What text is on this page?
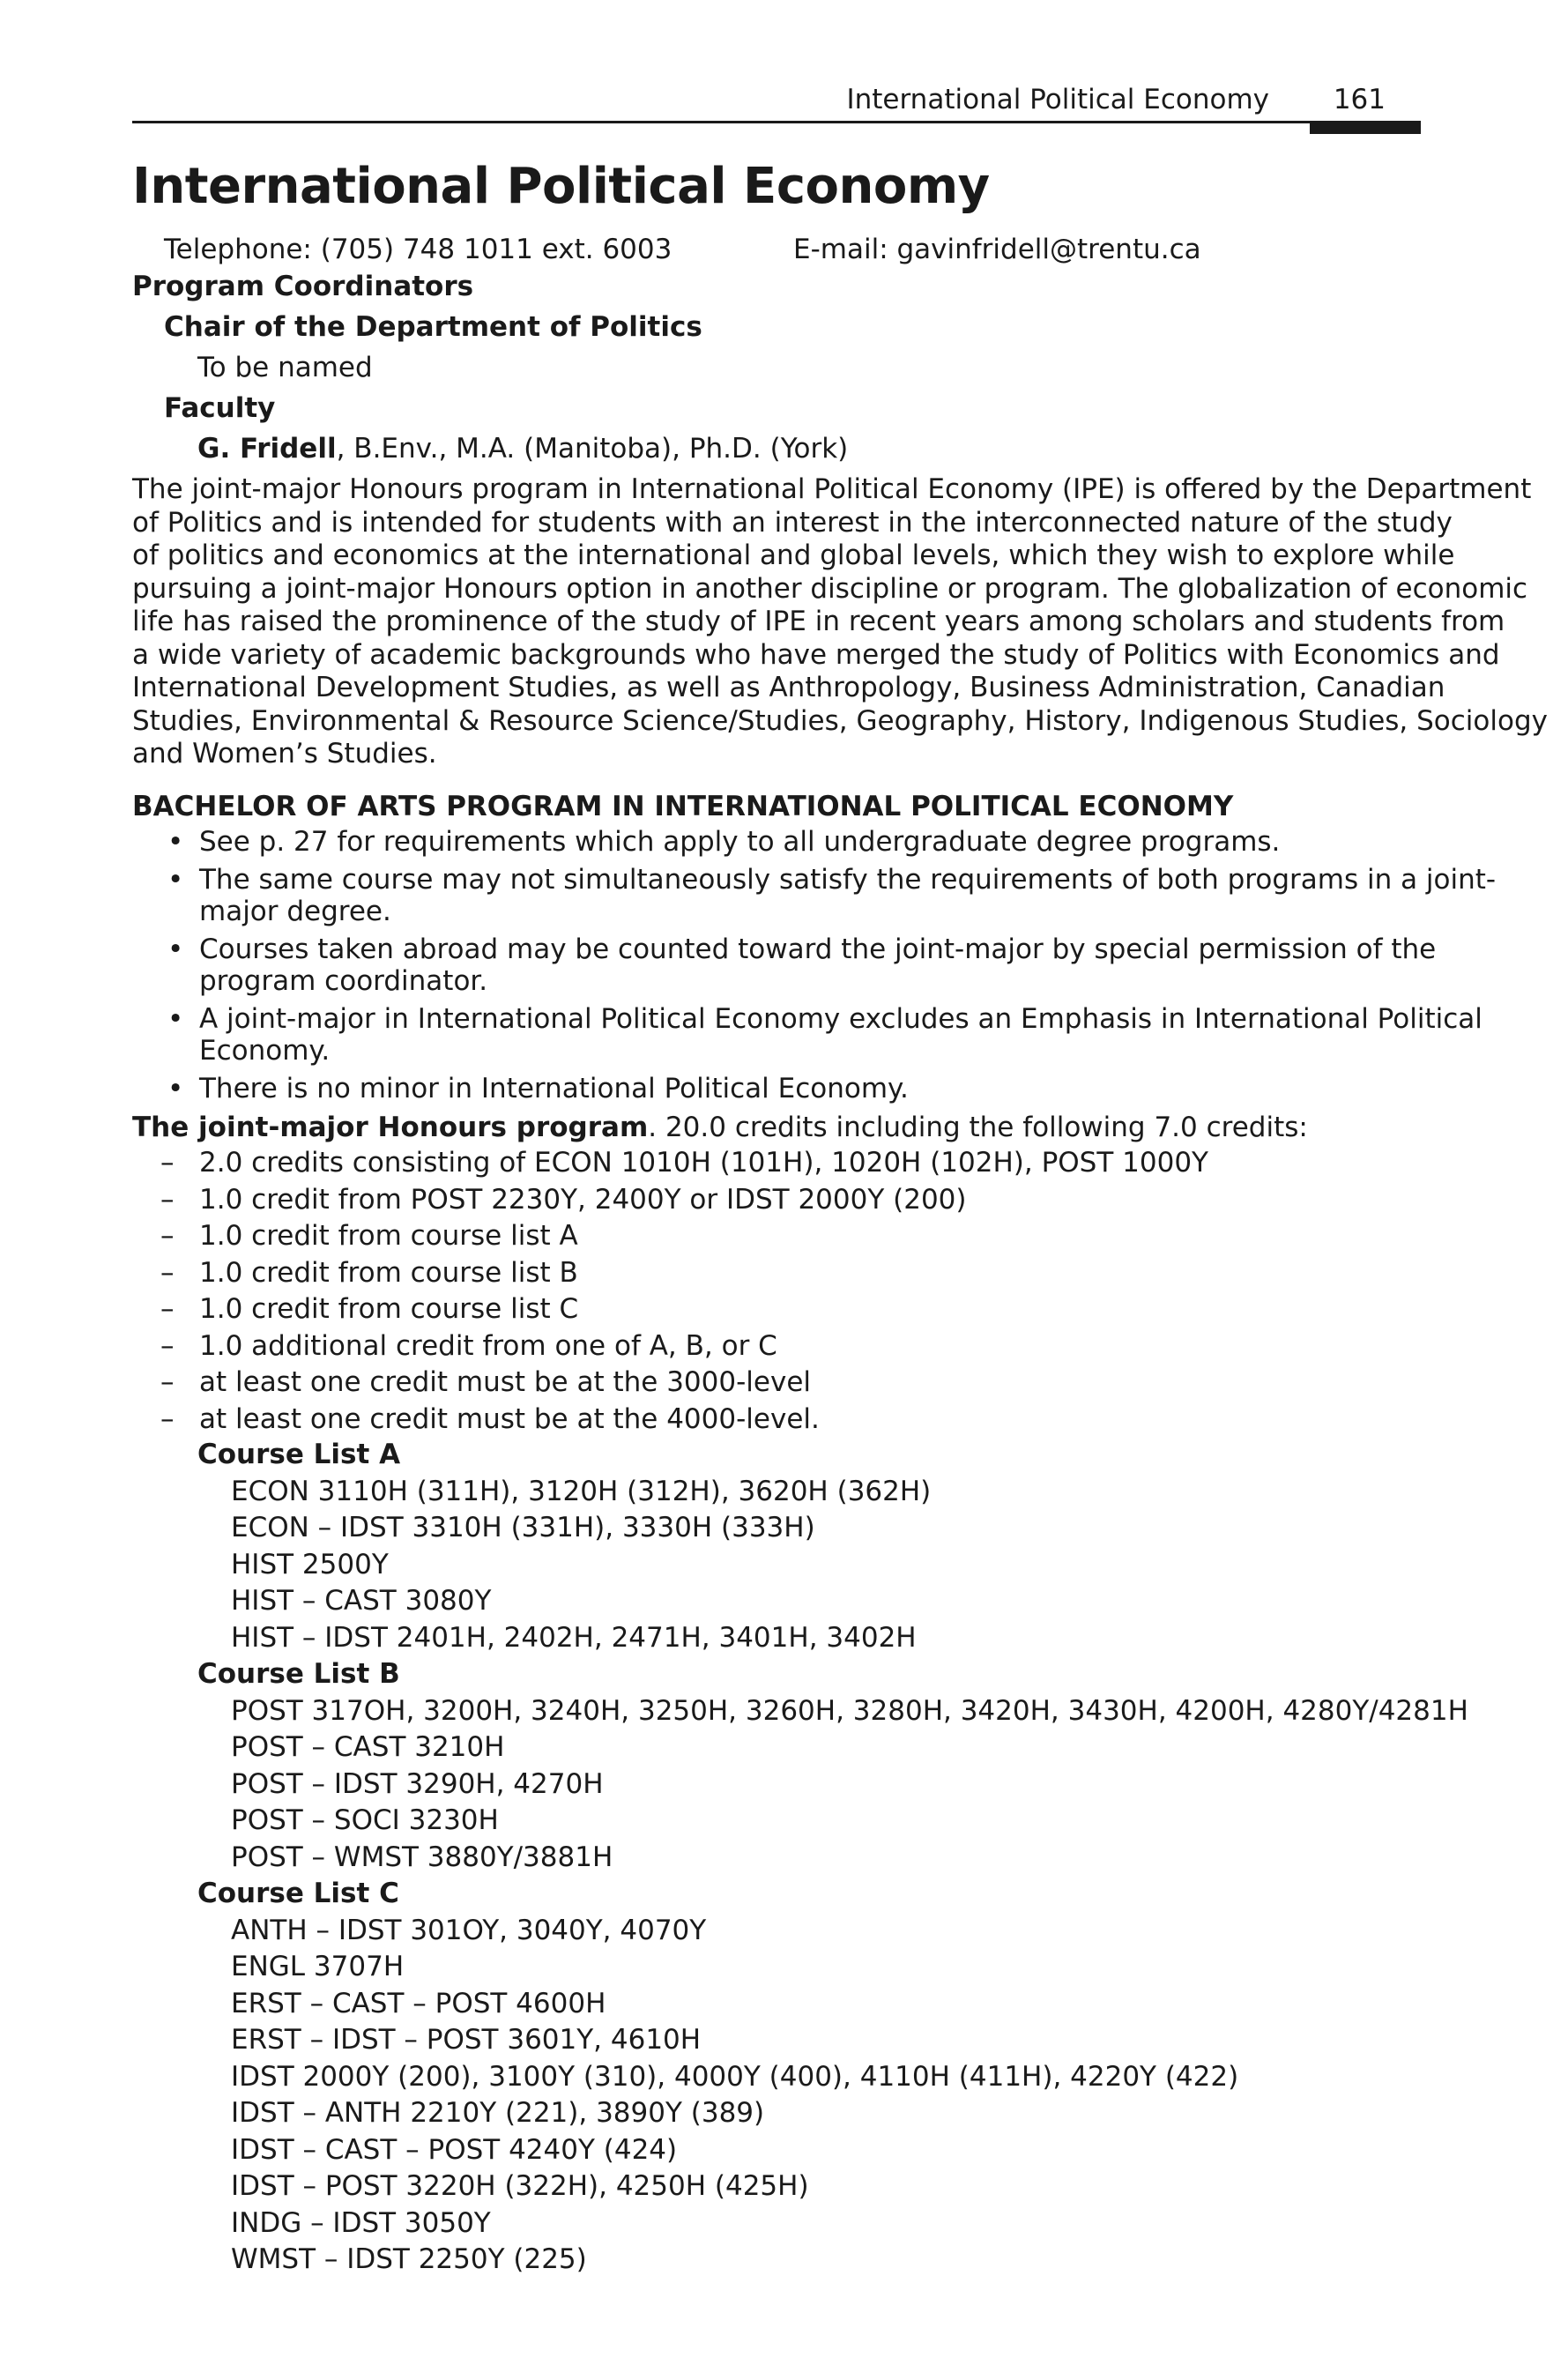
International Political Economy 161
International Political Economy
Telephone: (705) 748 1011 ext. 6003	E-mail: gavinfridell@trentu.ca
Program Coordinators
Chair of the Department of Politics
To be named
Faculty
G. Fridell, B.Env., M.A. (Manitoba), Ph.D. (York)
The joint-major Honours program in International Political Economy (IPE) is offered by the Department
of Politics and is intended for students with an interest in the interconnected nature of the study
of politics and economics at the international and global levels, which they wish to explore while
pursuing a joint-major Honours option in another discipline or program. The globalization of economic
life has raised the prominence of the study of IPE in recent years among scholars and students from
a wide variety of academic backgrounds who have merged the study of Politics with Economics and
International Development Studies, as well as Anthropology, Business Administration, Canadian
Studies, Environmental & Resource Science/Studies, Geography, History, Indigenous Studies, Sociology
and Women’s Studies.
BACHELOR OF ARTS PROGRAM IN INTERNATIONAL POLITICAL ECONOMY
• See p. 27 for requirements which apply to all undergraduate degree programs.
• The same course may not simultaneously satisfy the requirements of both programs in a joint-
major degree.
• Courses taken abroad may be counted toward the joint-major by special permission of the
program coordinator.
• A joint-major in International Political Economy excludes an Emphasis in International Political
Economy.
• There is no minor in International Political Economy.
The joint-major Honours program. 20.0 credits including the following 7.0 credits:
– 2.0 credits consisting of ECON 1010H (101H), 1020H (102H), POST 1000Y
– 1.0 credit from POST 2230Y, 2400Y or IDST 2000Y (200)
– 1.0 credit from course list A
– 1.0 credit from course list B
– 1.0 credit from course list C
– 1.0 additional credit from one of A, B, or C
– at least one credit must be at the 3000-level
– at least one credit must be at the 4000-level.
Course List A
ECON 3110H (311H), 3120H (312H), 3620H (362H)
ECON – IDST 3310H (331H), 3330H (333H)
HIST 2500Y
HIST – CAST 3080Y
HIST – IDST 2401H, 2402H, 2471H, 3401H, 3402H
Course List B
POST 317OH, 3200H, 3240H, 3250H, 3260H, 3280H, 3420H, 3430H, 4200H, 4280Y/4281H
POST – CAST 3210H
POST – IDST 3290H, 4270H
POST – SOCI 3230H
POST – WMST 3880Y/3881H
Course List C
ANTH – IDST 301OY, 3040Y, 4070Y
ENGL 3707H
ERST – CAST – POST 4600H
ERST – IDST – POST 3601Y, 4610H
IDST 2000Y (200), 3100Y (310), 4000Y (400), 4110H (411H), 4220Y (422)
IDST – ANTH 2210Y (221), 3890Y (389)
IDST – CAST – POST 4240Y (424)
IDST – POST 3220H (322H), 4250H (425H)
INDG – IDST 3050Y
WMST – IDST 2250Y (225)
